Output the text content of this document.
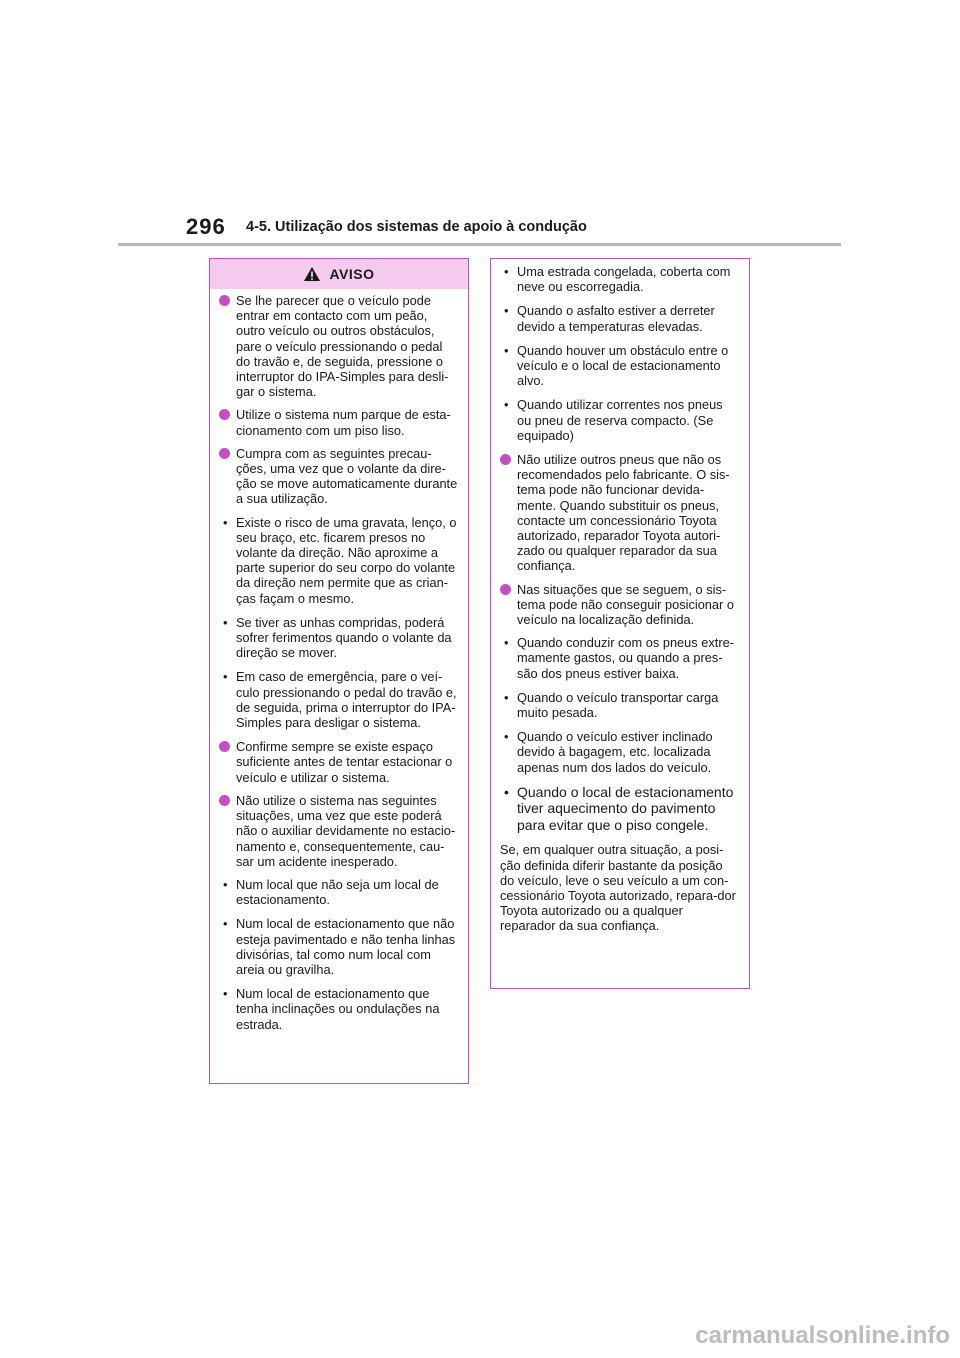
296 4-5. Utilização dos sistemas de apoio à condução
AVISO
Se lhe parecer que o veículo pode entrar em contacto com um peão, outro veículo ou outros obstáculos, pare o veículo pressionando o pedal do travão e, de seguida, pressione o interruptor do IPA-Simples para desli-gar o sistema.
Utilize o sistema num parque de esta-cionamento com um piso liso.
Cumpra com as seguintes precau-ções, uma vez que o volante da dire-ção se move automaticamente durante a sua utilização.
• Existe o risco de uma gravata, lenço, o seu braço, etc. ficarem presos no volante da direção. Não aproxime a parte superior do seu corpo do volante da direção nem permite que as crian-ças façam o mesmo.
• Se tiver as unhas compridas, poderá sofrer ferimentos quando o volante da direção se mover.
• Em caso de emergência, pare o veí-culo pressionando o pedal do travão e, de seguida, prima o interruptor do IPA-Simples para desligar o sistema.
Confirme sempre se existe espaço suficiente antes de tentar estacionar o veículo e utilizar o sistema.
Não utilize o sistema nas seguintes situações, uma vez que este poderá não o auxiliar devidamente no estacio-namento e, consequentemente, cau-sar um acidente inesperado.
• Num local que não seja um local de estacionamento.
• Num local de estacionamento que não esteja pavimentado e não tenha linhas divisórias, tal como num local com areia ou gravilha.
• Num local de estacionamento que tenha inclinações ou ondulações na estrada.
• Uma estrada congelada, coberta com neve ou escorregadia.
• Quando o asfalto estiver a derreter devido a temperaturas elevadas.
• Quando houver um obstáculo entre o veículo e o local de estacionamento alvo.
• Quando utilizar correntes nos pneus ou pneu de reserva compacto. (Se equipado)
Não utilize outros pneus que não os recomendados pelo fabricante. O sis-tema pode não funcionar devida-mente. Quando substituir os pneus, contacte um concessionário Toyota autorizado, reparador Toyota autori-zado ou qualquer reparador da sua confiança.
Nas situações que se seguem, o sis-tema pode não conseguir posicionar o veículo na localização definida.
• Quando conduzir com os pneus extre-mamente gastos, ou quando a pres-são dos pneus estiver baixa.
• Quando o veículo transportar carga muito pesada.
• Quando o veículo estiver inclinado devido à bagagem, etc. localizada apenas num dos lados do veículo.
• Quando o local de estacionamento tiver aquecimento do pavimento para evitar que o piso congele.
Se, em qualquer outra situação, a posi-ção definida diferir bastante da posição do veículo, leve o seu veículo a um con-cessionário Toyota autorizado, repara-dor Toyota autorizado ou a qualquer reparador da sua confiança.
carmanualsonline.info
